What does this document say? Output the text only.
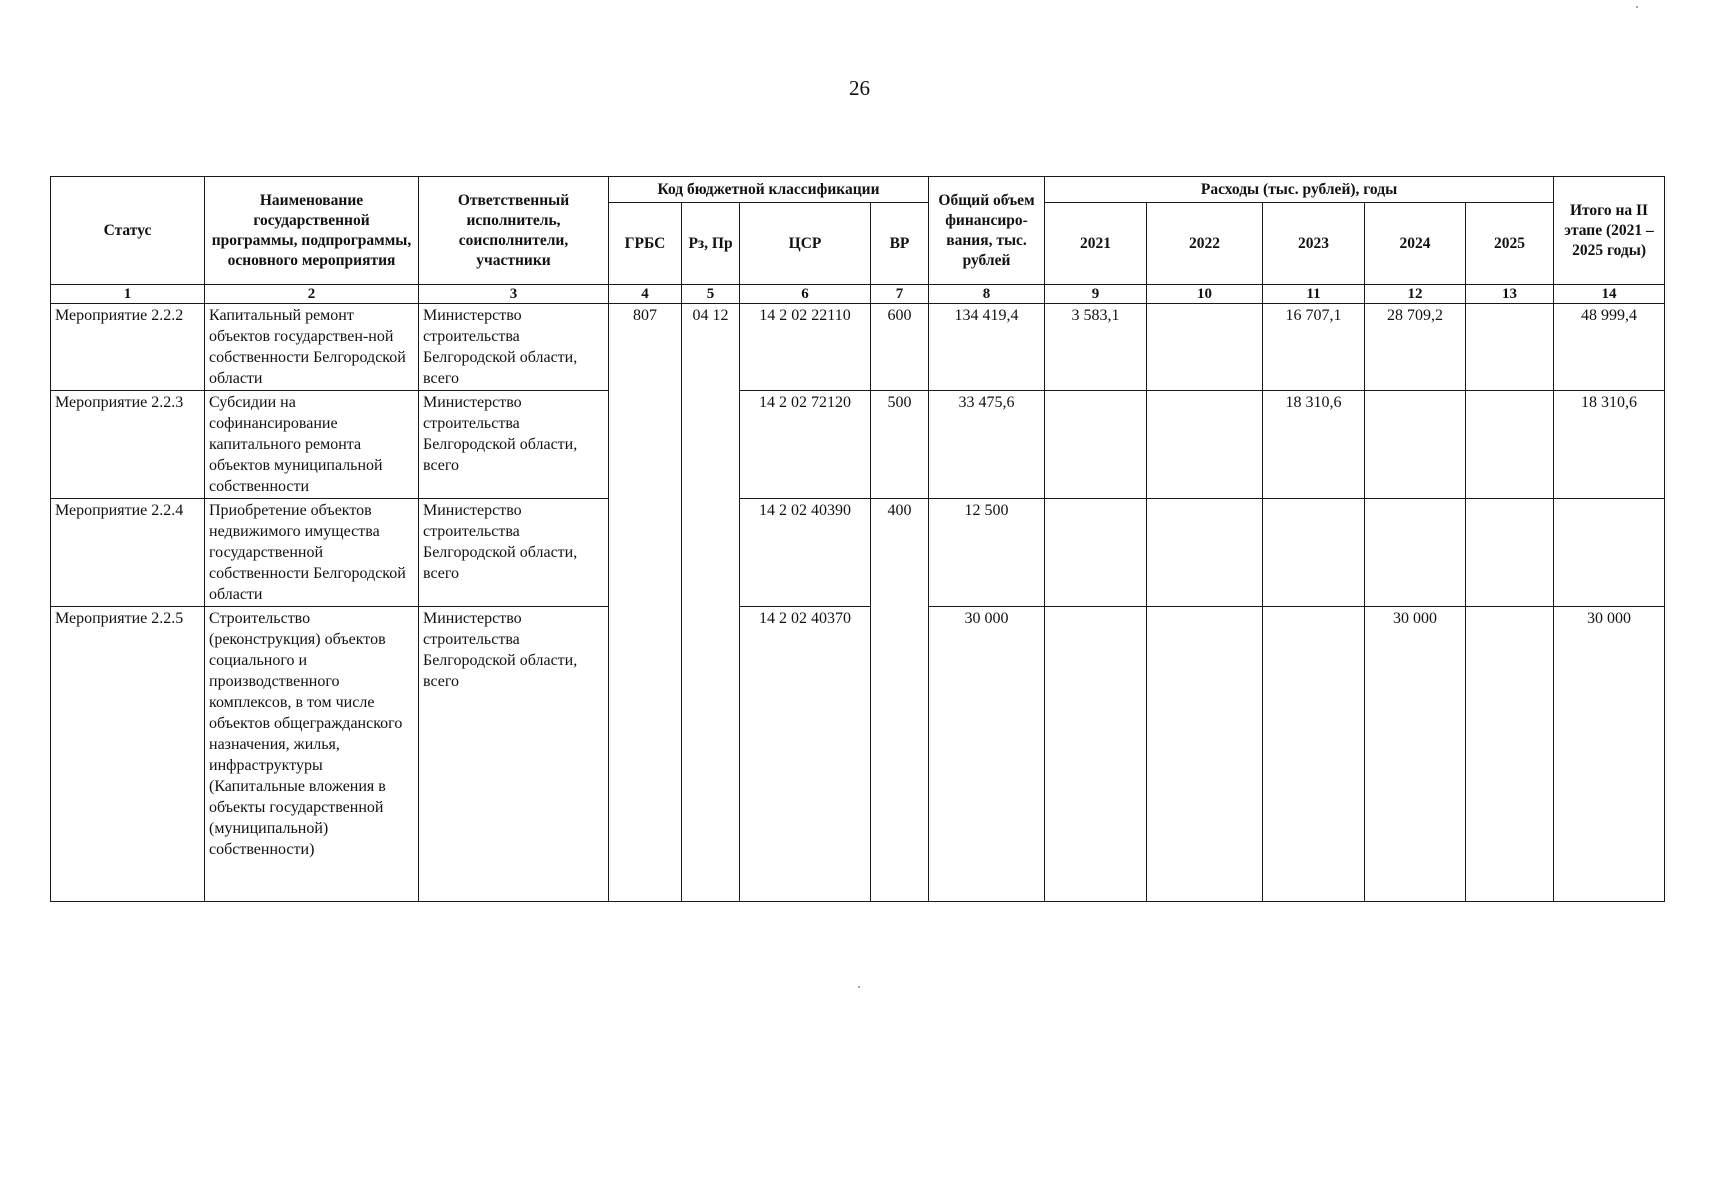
26
Статус	Наименование государственной программы, подпрограммы, основного мероприятия	Ответственный исполнитель, соисполнители, участники	Код бюджетной классификации				Общий объем финансиро-вания, тыс. рублей	Расходы (тыс. рублей), годы					Итого на II этапе (2021 – 2025 годы)
			ГРБС	Рз, Пр	ЦСР	ВР		2021	2022	2023	2024	2025	
1	2	3	4	5	6	7	8	9	10	11	12	13	14
Мероприятие 2.2.2	Капитальный ремонт объектов государствен-ной собственности Белгородской области	Министерство строительства Белгородской области, всего	807	04 12	14 2 02 22110	600	134 419,4	3 583,1		16 707,1	28 709,2		48 999,4
Мероприятие 2.2.3	Субсидии на софинансирование капитального ремонта объектов муниципальной собственности	Министерство строительства Белгородской области, всего			14 2 02 72120	500	33 475,6			18 310,6			18 310,6
Мероприятие 2.2.4	Приобретение объектов недвижимого имущества государственной собственности Белгородской области	Министерство строительства Белгородской области, всего			14 2 02 40390	400	12 500						
Мероприятие 2.2.5	Строительство (реконструкция) объектов социального и производственного комплексов, в том числе объектов общегражданского назначения, жилья, инфраструктуры (Капитальные вложения в объекты государственной (муниципальной) собственности)	Министерство строительства Белгородской области, всего			14 2 02 40370		30 000				30 000		30 000
